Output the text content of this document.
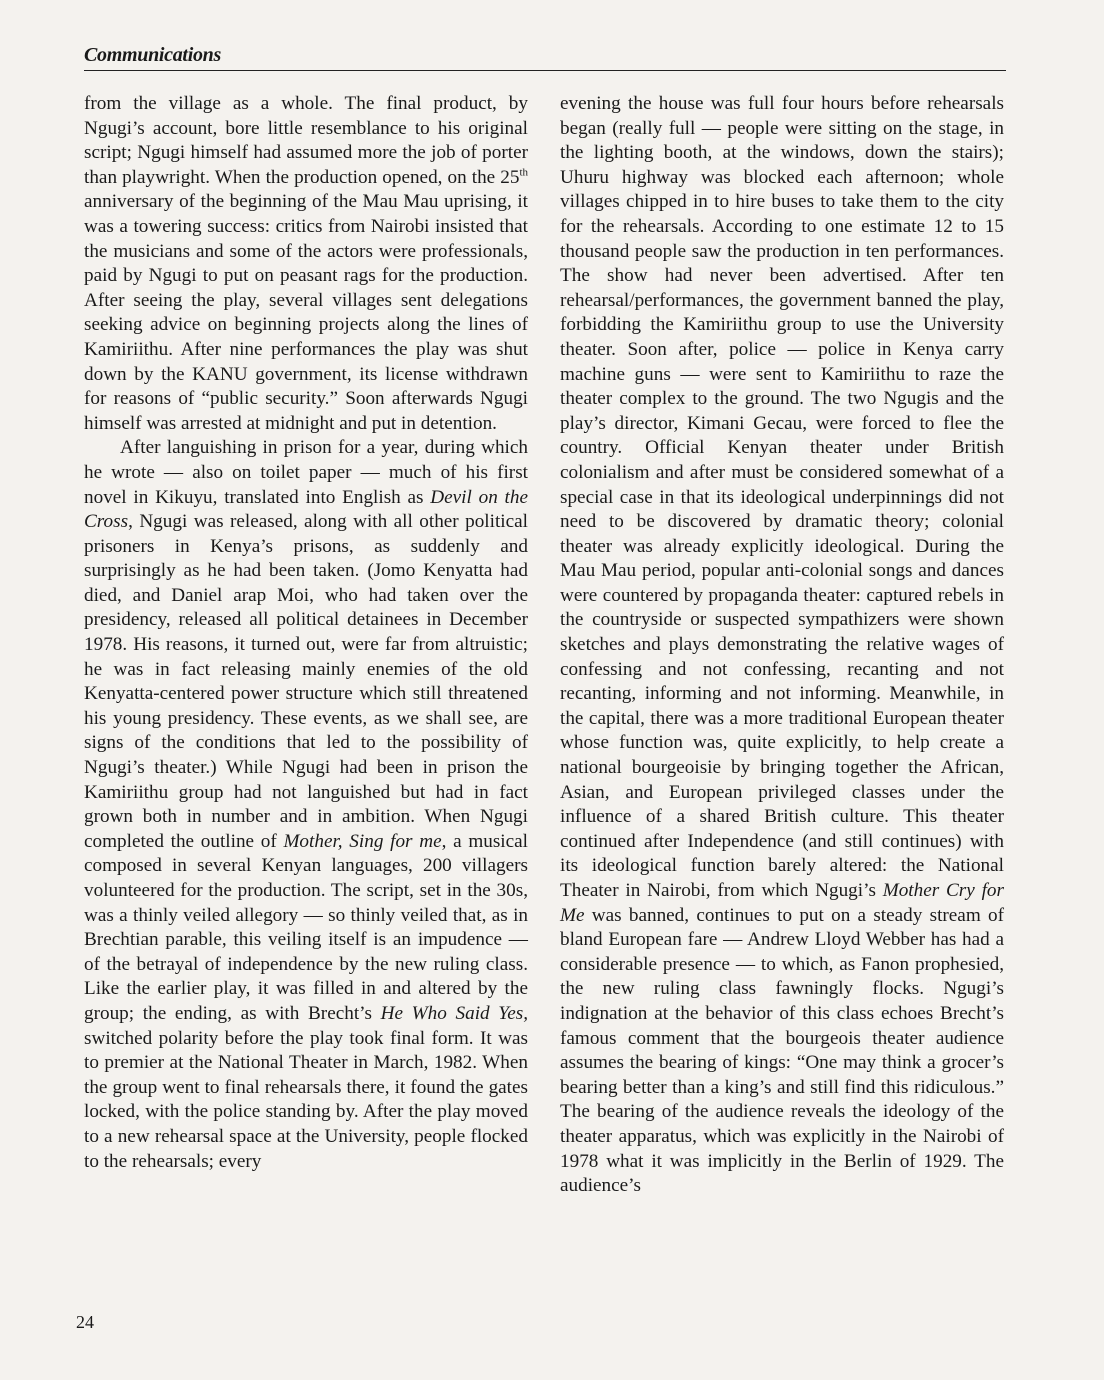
Communications

from the village as a whole. The final product, by Ngugi’s account, bore little resemblance to his original script; Ngugi himself had assumed more the job of porter than playwright. When the production opened, on the 25th anniversary of the beginning of the Mau Mau uprising, it was a towering success: critics from Nairobi insisted that the musicians and some of the actors were professionals, paid by Ngugi to put on peasant rags for the production. After seeing the play, several villages sent delegations seeking advice on beginning projects along the lines of Kamiriithu. After nine performances the play was shut down by the KANU government, its license withdrawn for reasons of “public security.” Soon afterwards Ngugi himself was arrested at midnight and put in detention.

After languishing in prison for a year, during which he wrote — also on toilet paper — much of his first novel in Kikuyu, translated into English as Devil on the Cross, Ngugi was released, along with all other political prisoners in Kenya’s prisons, as suddenly and surprisingly as he had been taken. (Jomo Kenyatta had died, and Daniel arap Moi, who had taken over the presidency, released all political detainees in December 1978. His reasons, it turned out, were far from altruistic; he was in fact releasing mainly enemies of the old Kenyatta-centered power structure which still threatened his young presidency. These events, as we shall see, are signs of the conditions that led to the possibility of Ngugi’s theater.) While Ngugi had been in prison the Kamiriithu group had not languished but had in fact grown both in number and in ambition. When Ngugi completed the outline of Mother, Sing for me, a musical composed in several Kenyan languages, 200 villagers volunteered for the production. The script, set in the 30s, was a thinly veiled allegory — so thinly veiled that, as in Brechtian parable, this veiling itself is an impudence — of the betrayal of independence by the new ruling class. Like the earlier play, it was filled in and altered by the group; the ending, as with Brecht’s He Who Said Yes, switched polarity before the play took final form. It was to premier at the National Theater in March, 1982. When the group went to final rehearsals there, it found the gates locked, with the police standing by. After the play moved to a new rehearsal space at the University, people flocked to the rehearsals; every

evening the house was full four hours before rehearsals began (really full — people were sitting on the stage, in the lighting booth, at the windows, down the stairs); Uhuru highway was blocked each afternoon; whole villages chipped in to hire buses to take them to the city for the rehearsals. According to one estimate 12 to 15 thousand people saw the production in ten performances. The show had never been advertised. After ten rehearsal/performances, the government banned the play, forbidding the Kamiriithu group to use the University theater. Soon after, police — police in Kenya carry machine guns — were sent to Kamiriithu to raze the theater complex to the ground. The two Ngugis and the play’s director, Kimani Gecau, were forced to flee the country. Official Kenyan theater under British colonialism and after must be considered somewhat of a special case in that its ideological underpinnings did not need to be discovered by dramatic theory; colonial theater was already explicitly ideological. During the Mau Mau period, popular anti-colonial songs and dances were countered by propaganda theater: captured rebels in the countryside or suspected sympathizers were shown sketches and plays demonstrating the relative wages of confessing and not confessing, recanting and not recanting, informing and not informing. Meanwhile, in the capital, there was a more traditional European theater whose function was, quite explicitly, to help create a national bourgeoisie by bringing together the African, Asian, and European privileged classes under the influence of a shared British culture. This theater continued after Independence (and still continues) with its ideological function barely altered: the National Theater in Nairobi, from which Ngugi’s Mother Cry for Me was banned, continues to put on a steady stream of bland European fare — Andrew Lloyd Webber has had a considerable presence — to which, as Fanon prophesied, the new ruling class fawningly flocks. Ngugi’s indignation at the behavior of this class echoes Brecht’s famous comment that the bourgeois theater audience assumes the bearing of kings: “One may think a grocer’s bearing better than a king’s and still find this ridiculous.” The bearing of the audience reveals the ideology of the theater apparatus, which was explicitly in the Nairobi of 1978 what it was implicitly in the Berlin of 1929. The audience’s

24
